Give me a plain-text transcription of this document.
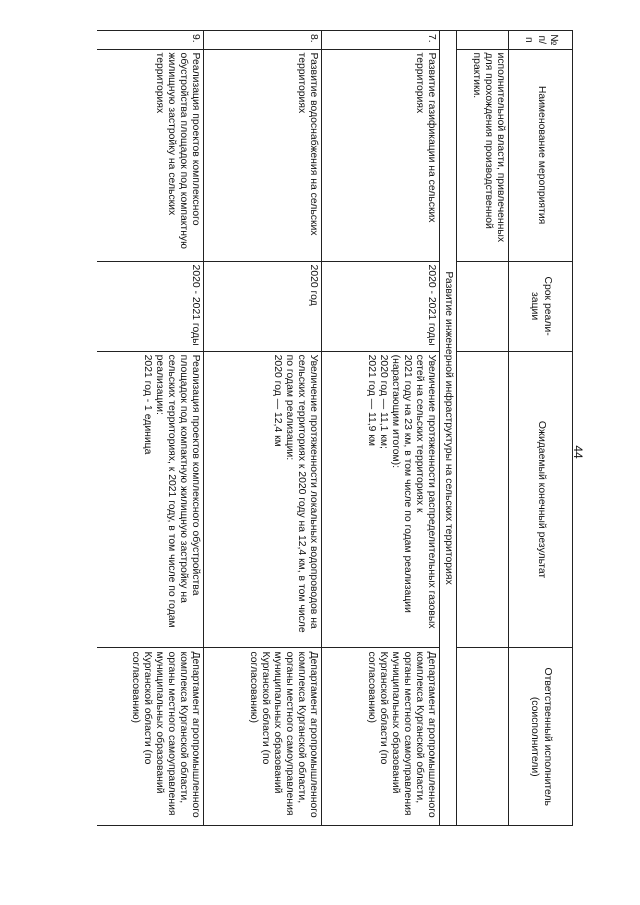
44
№ п/п	Наименование мероприятия	Срок реали-зации	Ожидаемый конечный результат	Ответственный исполнитель (соисполнители)
	исполнительной власти, привлеченных для прохождения производственной практики.			
Развитие инженерной инфраструктуры на сельских территориях				
7.	Развитие газификации на сельских территориях	2020 - 2021 годы	Увеличение протяженности распределительных газовых сетей на сельских территориях к
2021 году на 23 км, в том числе по годам реализации (нарастающим итогом):
2020 год — 11,1 км;
2021 год — 11,9 км	Департамент агропромышленного комплекса Курганской области, органы местного самоуправления муниципальных образований Курганской области (по согласованию)
8.	Развитие водоснабжения на сельских территориях	2020 год	Увеличение протяженности локальных водопроводов на сельских территориях к 2020 году на 12,4 км, в том числе по годам реализации:
2020 год — 12,4 км	Департамент агропромышленного комплекса Курганской области, органы местного самоуправления муниципальных образований Курганской области (по согласованию)
9.	Реализация проектов комплексного обустройства площадок под компактную жилищную застройку на сельских территориях	2020 - 2021 годы	Реализация проектов комплексного обустройства площадок под компактную жилищную застройку на сельских территориях, к 2021 году, в том числе по годам реализации:
2021 год - 1 единица	Департамент агропромышленного комплекса Курганской области, органы местного самоуправления муниципальных образований Курганской области (по согласованию)
